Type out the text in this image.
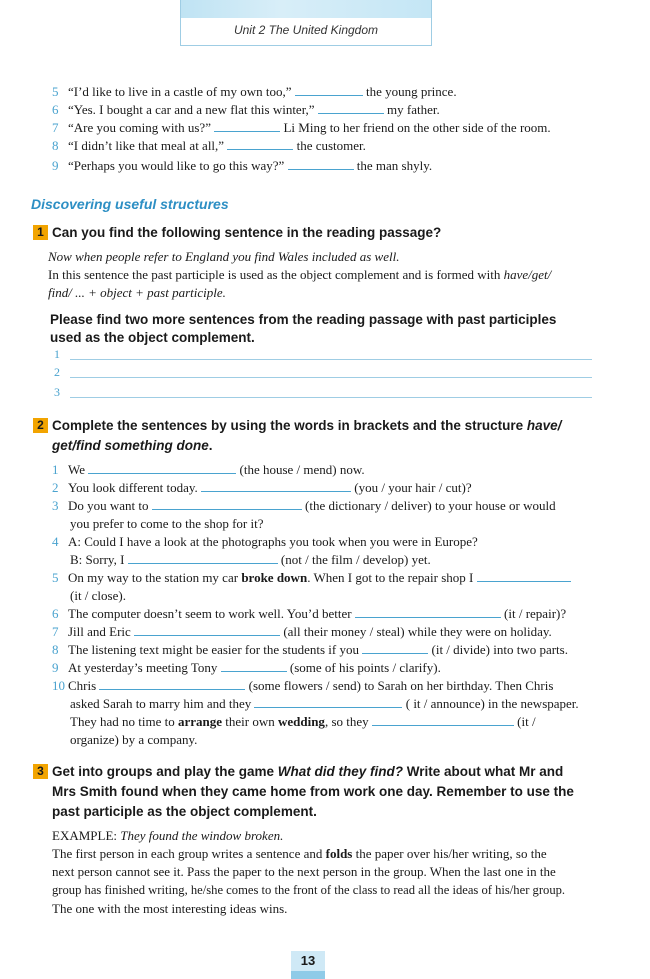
Unit 2 The United Kingdom
5 “I’d like to live in a castle of my own too,”	the young prince.
6 “Yes. I bought a car and a new flat this winter,”	my father.
7 “Are you coming with us?”	Li Ming to her friend on the other side of the room.
8 “I didn’t like that meal at all,”	the customer.
9 “Perhaps you would like to go this way?”	the man shyly.
Discovering useful structures
1 Can you find the following sentence in the reading passage?
Now when people refer to England you find Wales included as well.
In this sentence the past participle is used as the object complement and is formed with have/get/
find/ ... + object + past participle.
Please find two more sentences from the reading passage with past participles
used as the object complement.
1
2
3
2 Complete the sentences by using the words in brackets and the structure have/
get/find something done.
1 We	(the house / mend) now.
2 You look different today.	(you / your hair / cut)?
3 Do you want to	(the dictionary / deliver) to your house or would
you prefer to come to the shop for it?
4 A: Could I have a look at the photographs you took when you were in Europe?
B: Sorry, I	(not / the film / develop) yet.
5 On my way to the station my car broke down. When I got to the repair shop I
(it / close).
6 The computer doesn’t seem to work well. You’d better	(it / repair)?
7 Jill and Eric	(all their money / steal) while they were on holiday.
8 The listening text might be easier for the students if you	(it / divide) into two parts.
9 At yesterday’s meeting Tony	(some of his points / clarify).
10 Chris	(some flowers / send) to Sarah on her birthday. Then Chris
asked Sarah to marry him and they	( it / announce) in the newspaper.
They had no time to arrange their own wedding, so they	(it /
organize) by a company.
3 Get into groups and play the game What did they find? Write about what Mr and
Mrs Smith found when they came home from work one day. Remember to use the
past participle as the object complement.
EXAMPLE: They found the window broken.
The first person in each group writes a sentence and folds the paper over his/her writing, so the
next person cannot see it. Pass the paper to the next person in the group. When the last one in the
group has finished writing, he/she comes to the front of the class to read all the ideas of his/her group.
The one with the most interesting ideas wins.
13
